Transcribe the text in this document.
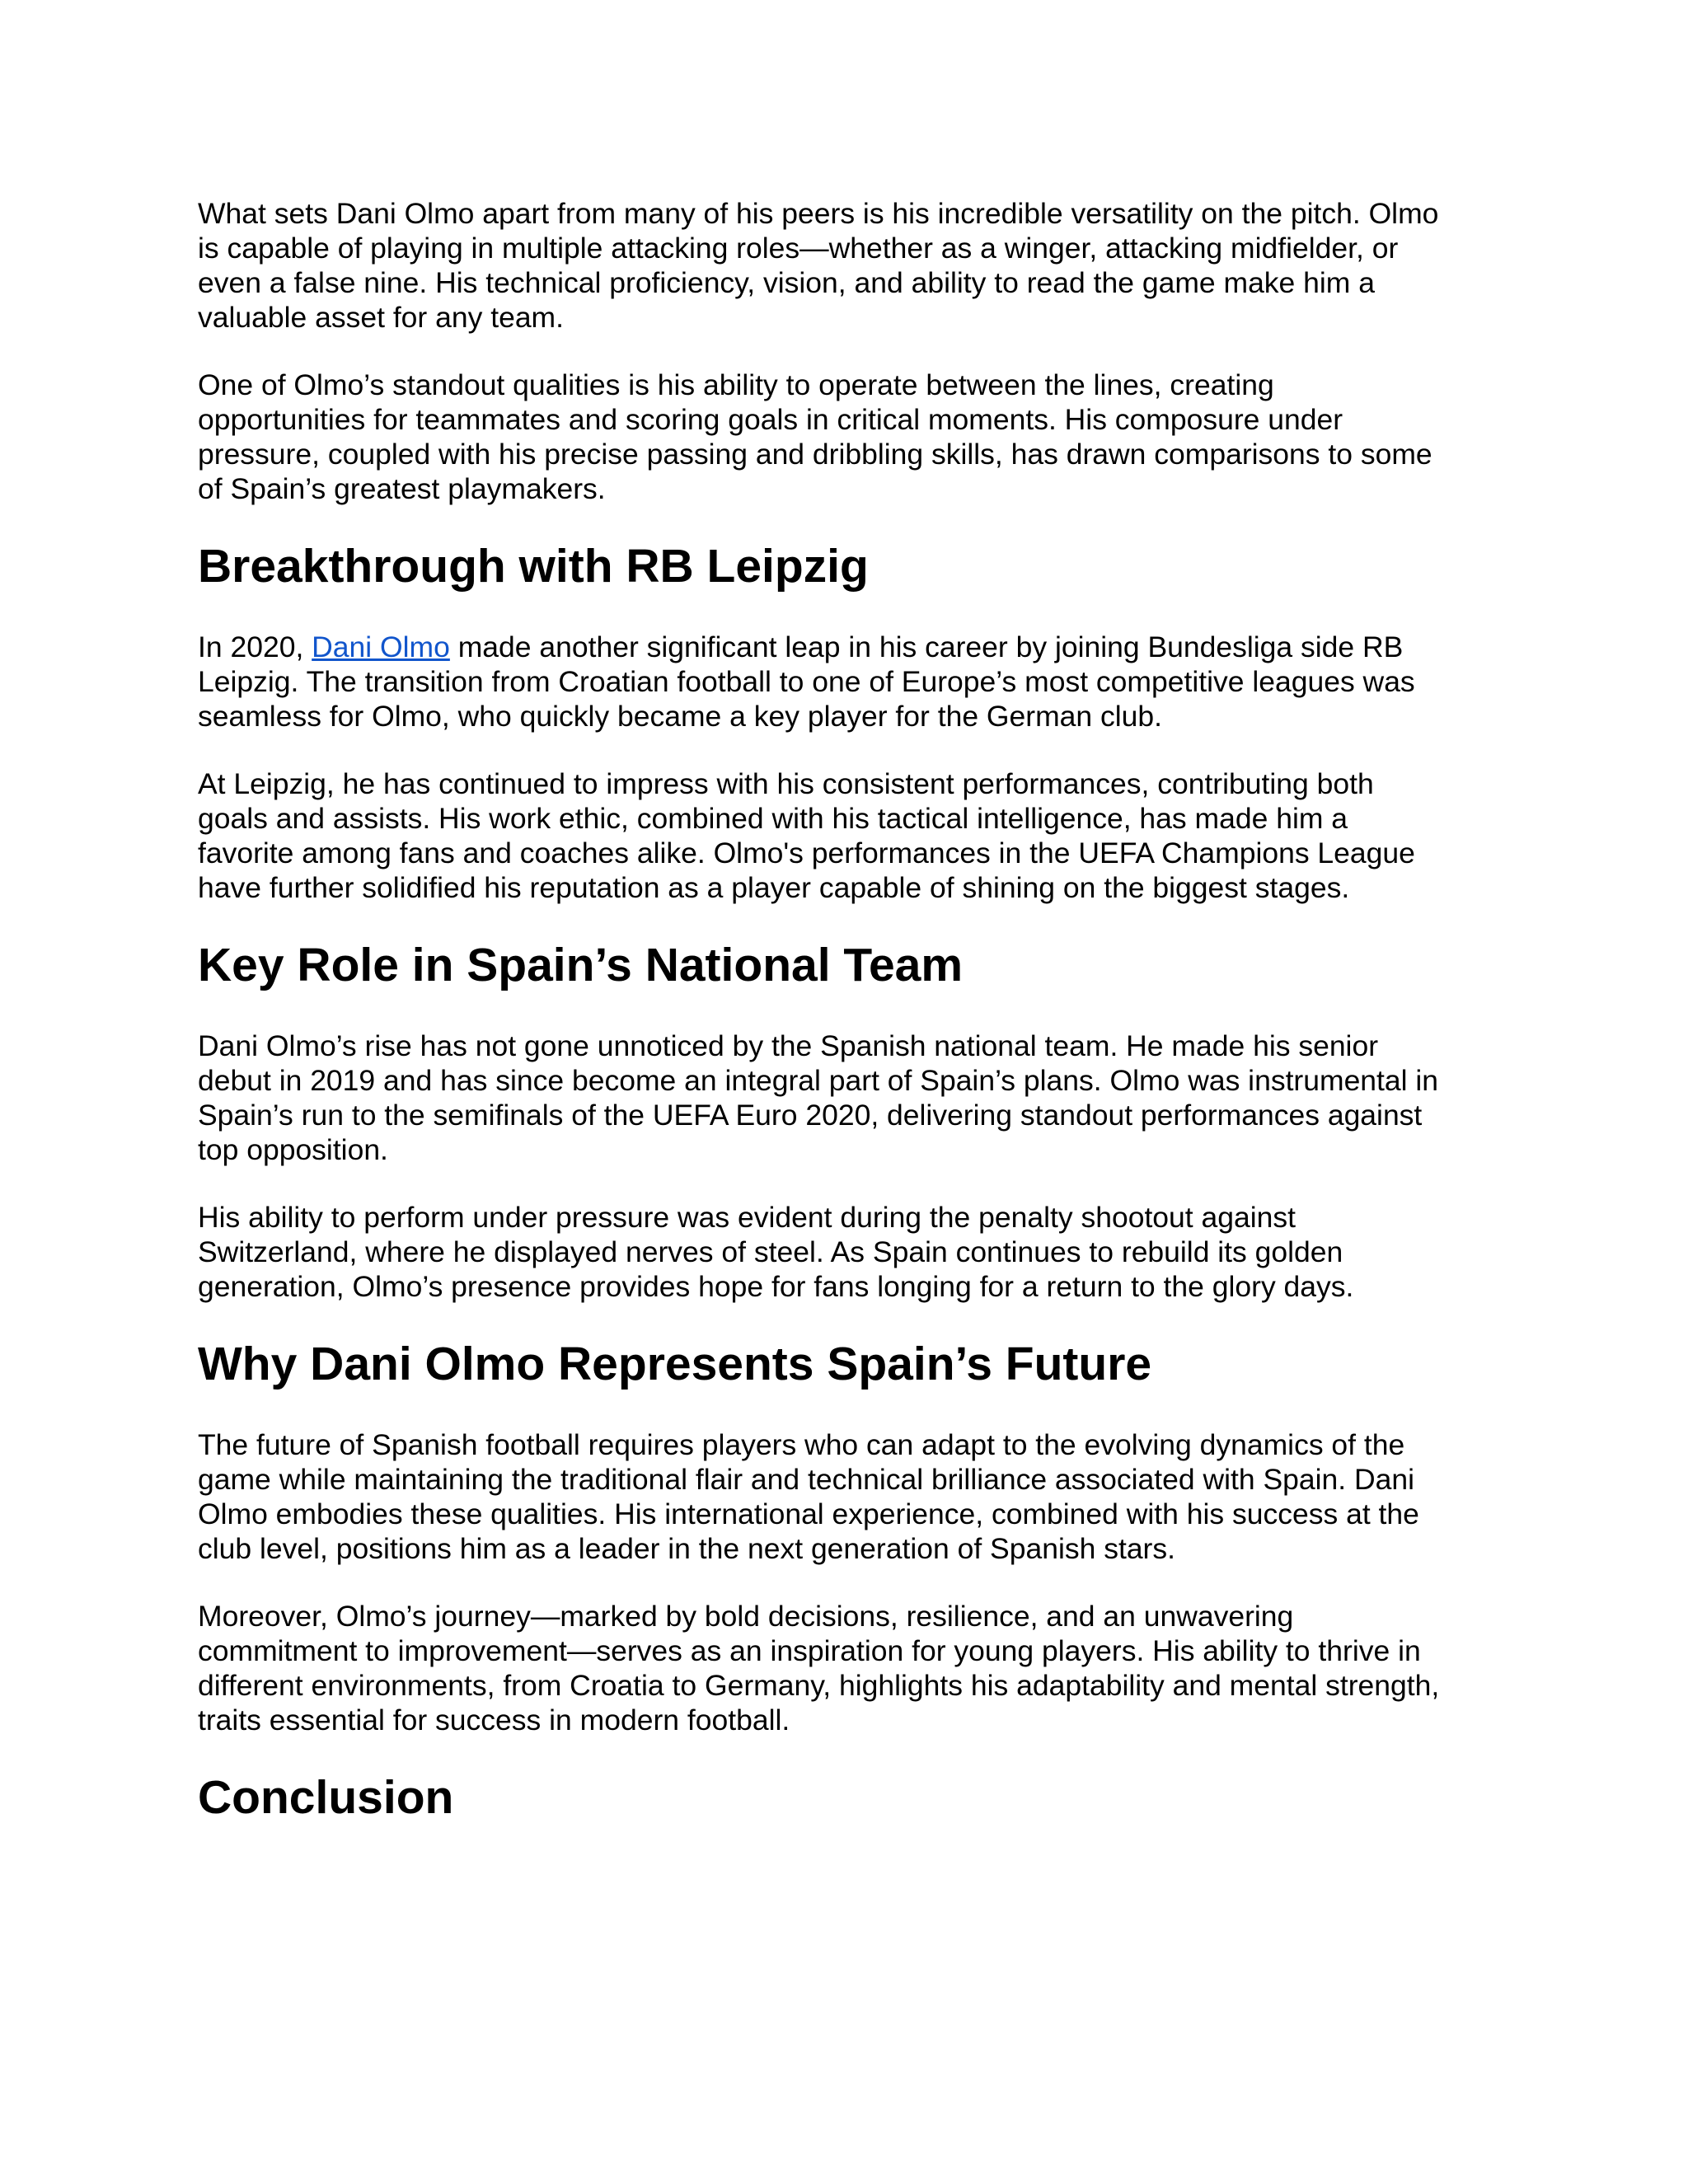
What sets Dani Olmo apart from many of his peers is his incredible versatility on the pitch. Olmo
is capable of playing in multiple attacking roles—whether as a winger, attacking midfielder, or
even a false nine. His technical proficiency, vision, and ability to read the game make him a
valuable asset for any team.

One of Olmo’s standout qualities is his ability to operate between the lines, creating
opportunities for teammates and scoring goals in critical moments. His composure under
pressure, coupled with his precise passing and dribbling skills, has drawn comparisons to some
of Spain’s greatest playmakers.

Breakthrough with RB Leipzig

In 2020, Dani Olmo made another significant leap in his career by joining Bundesliga side RB
Leipzig. The transition from Croatian football to one of Europe’s most competitive leagues was
seamless for Olmo, who quickly became a key player for the German club.

At Leipzig, he has continued to impress with his consistent performances, contributing both
goals and assists. His work ethic, combined with his tactical intelligence, has made him a
favorite among fans and coaches alike. Olmo's performances in the UEFA Champions League
have further solidified his reputation as a player capable of shining on the biggest stages.

Key Role in Spain’s National Team

Dani Olmo’s rise has not gone unnoticed by the Spanish national team. He made his senior
debut in 2019 and has since become an integral part of Spain’s plans. Olmo was instrumental in
Spain’s run to the semifinals of the UEFA Euro 2020, delivering standout performances against
top opposition.

His ability to perform under pressure was evident during the penalty shootout against
Switzerland, where he displayed nerves of steel. As Spain continues to rebuild its golden
generation, Olmo’s presence provides hope for fans longing for a return to the glory days.

Why Dani Olmo Represents Spain’s Future

The future of Spanish football requires players who can adapt to the evolving dynamics of the
game while maintaining the traditional flair and technical brilliance associated with Spain. Dani
Olmo embodies these qualities. His international experience, combined with his success at the
club level, positions him as a leader in the next generation of Spanish stars.

Moreover, Olmo’s journey—marked by bold decisions, resilience, and an unwavering
commitment to improvement—serves as an inspiration for young players. His ability to thrive in
different environments, from Croatia to Germany, highlights his adaptability and mental strength,
traits essential for success in modern football.

Conclusion
